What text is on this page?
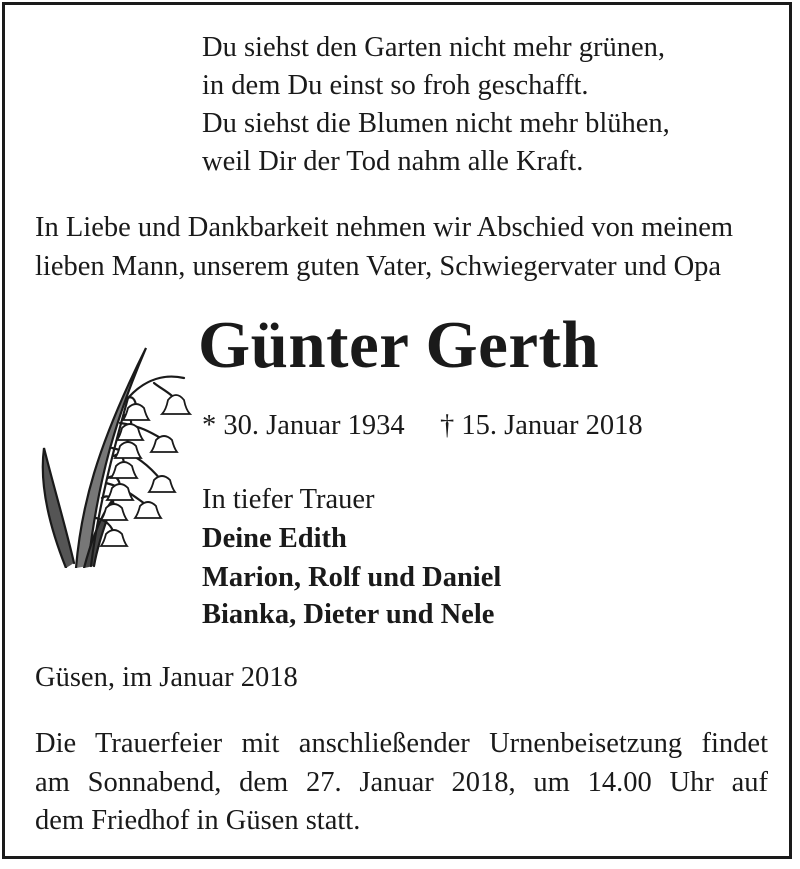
Du siehst den Garten nicht mehr grünen,
in dem Du einst so froh geschafft.
Du siehst die Blumen nicht mehr blühen,
weil Dir der Tod nahm alle Kraft.
In Liebe und Dankbarkeit nehmen wir Abschied von meinem
lieben Mann, unserem guten Vater, Schwiegervater und Opa
Günter Gerth
* 30. Januar 1934 † 15. Januar 2018
In tiefer Trauer
Deine Edith
Marion, Rolf und Daniel
Bianka, Dieter und Nele
Güsen, im Januar 2018
Die Trauerfeier mit anschließender Urnenbeisetzung findet
am Sonnabend, dem 27. Januar 2018, um 14.00 Uhr auf
dem Friedhof in Güsen statt.
